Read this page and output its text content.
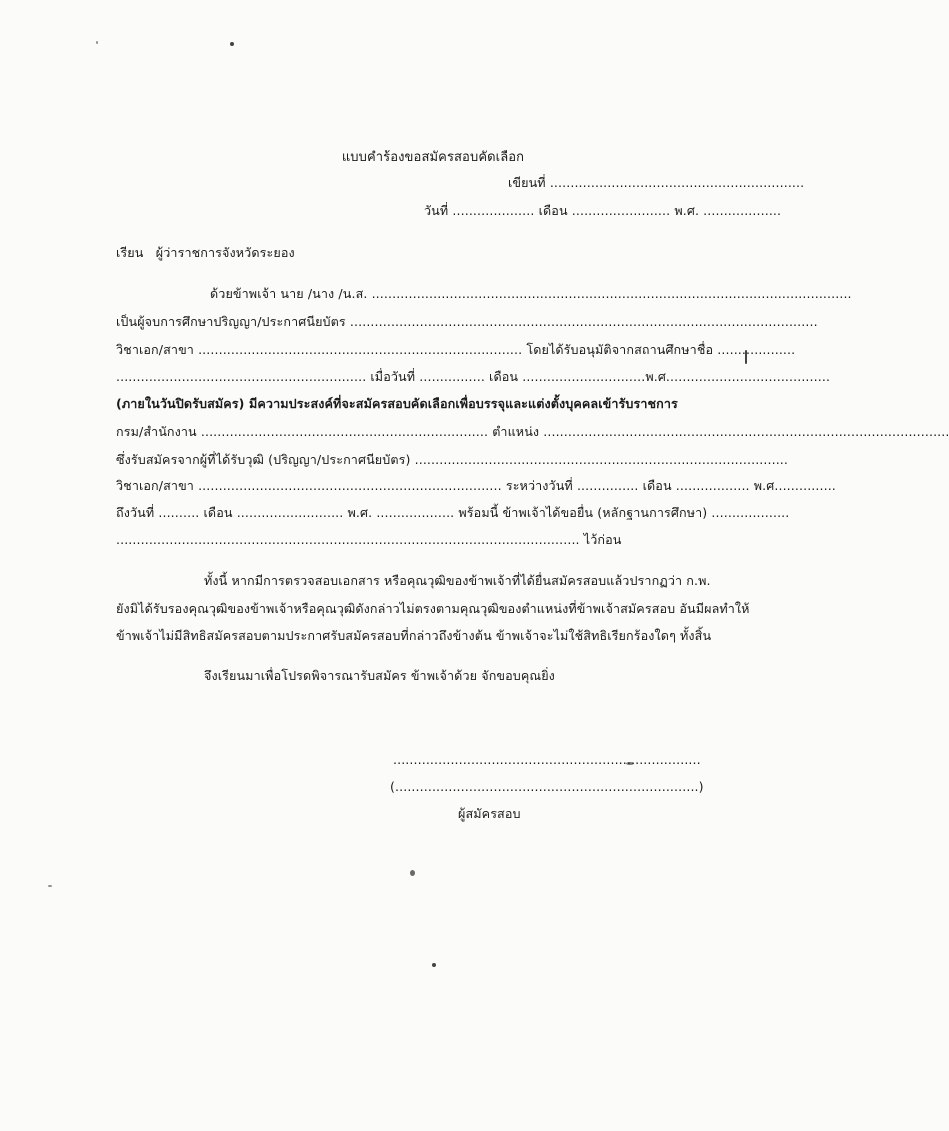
แบบคำร้องขอสมัครสอบคัดเลือก
เขียนที่ ..............................................................
วันที่ .................... เดือน ........................ พ.ศ. ...................
เรียน ผู้ว่าราชการจังหวัดระยอง
ด้วยข้าพเจ้า นาย /นาง /น.ส. .....................................................................................................................
เป็นผู้จบการศึกษาปริญญา/ประกาศนียบัตร ..................................................................................................................
วิชาเอก/สาขา ............................................................................... โดยได้รับอนุมัติจากสถานศึกษาชื่อ ...................
............................................................. เมื่อวันที่ ................ เดือน ..............................พ.ศ........................................
(ภายในวันปิดรับสมัคร) มีความประสงค์ที่จะสมัครสอบคัดเลือกเพื่อบรรจุและแต่งตั้งบุคคลเข้ารับราชการ
กรม/สำนักงาน ...................................................................... ตำแหน่ง ...................................................................................................
ซึ่งรับสมัครจากผู้ที่ได้รับวุฒิ (ปริญญา/ประกาศนียบัตร) ...........................................................................................
วิชาเอก/สาขา .......................................................................... ระหว่างวันที่ ............... เดือน .................. พ.ศ...............
ถึงวันที่ .......... เดือน .......................... พ.ศ. ................... พร้อมนี้ ข้าพเจ้าได้ขอยื่น (หลักฐานการศึกษา) ...................
................................................................................................................. ไว้ก่อน
ทั้งนี้ หากมีการตรวจสอบเอกสาร หรือคุณวุฒิของข้าพเจ้าที่ได้ยื่นสมัครสอบแล้วปรากฏว่า ก.พ.
ยังมิได้รับรองคุณวุฒิของข้าพเจ้าหรือคุณวุฒิดังกล่าวไม่ตรงตามคุณวุฒิของตำแหน่งที่ข้าพเจ้าสมัครสอบ อันมีผลทำให้
ข้าพเจ้าไม่มีสิทธิสมัครสอบตามประกาศรับสมัครสอบที่กล่าวถึงข้างต้น ข้าพเจ้าจะไม่ใช้สิทธิเรียกร้องใดๆ ทั้งสิ้น
จึงเรียนมาเพื่อโปรดพิจารณารับสมัคร ข้าพเจ้าด้วย จักขอบคุณยิ่ง
...........................................................................
(..........................................................................)
ผู้สมัครสอบ
